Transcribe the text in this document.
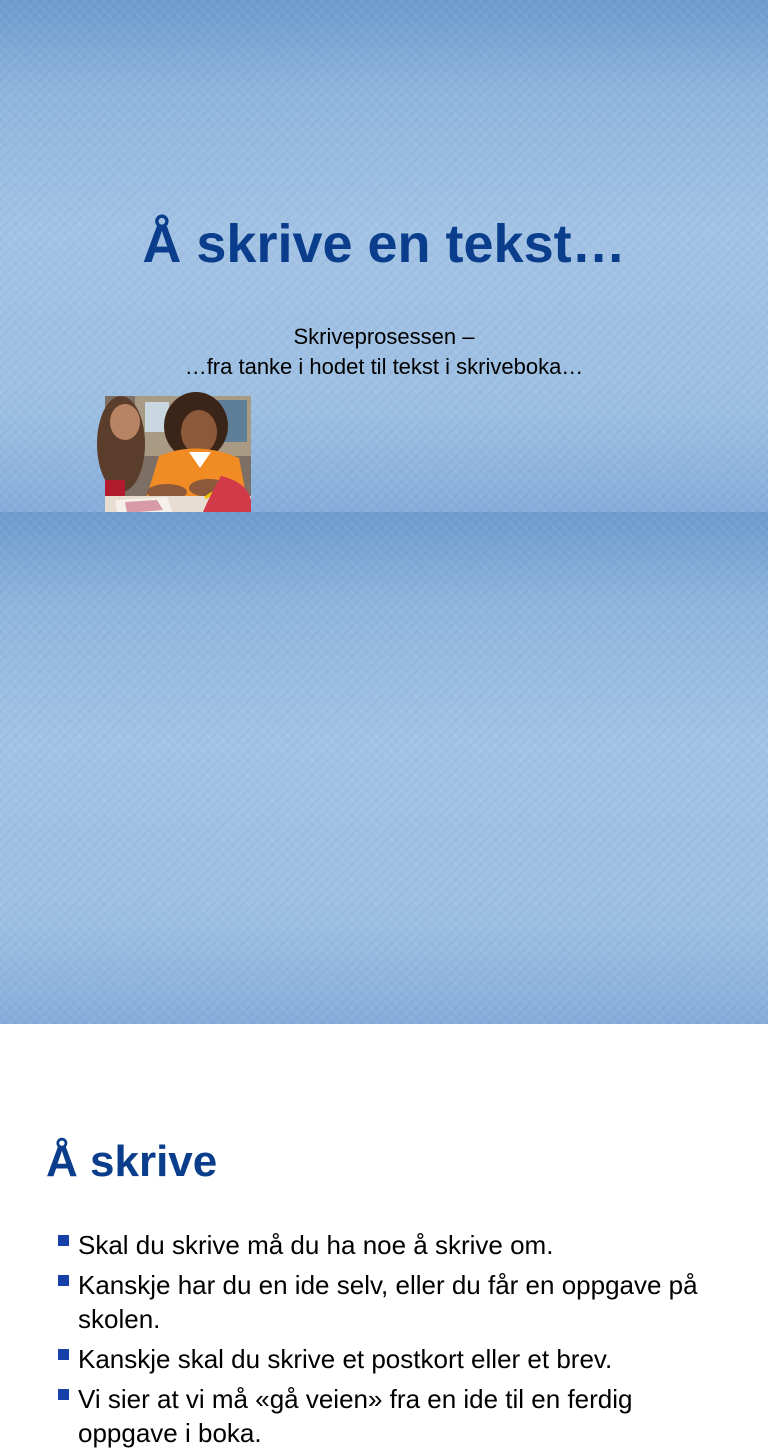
Å skrive en tekst…
Skriveprosessen –
…fra tanke i hodet til tekst i skriveboka…
Å skrive
Skal du skrive må du ha noe å skrive om.
Kanskje har du en ide selv, eller du får en oppgave på skolen.
Kanskje skal du skrive et postkort eller et brev.
Vi sier at vi må «gå veien» fra en ide til en ferdig oppgave i boka.
